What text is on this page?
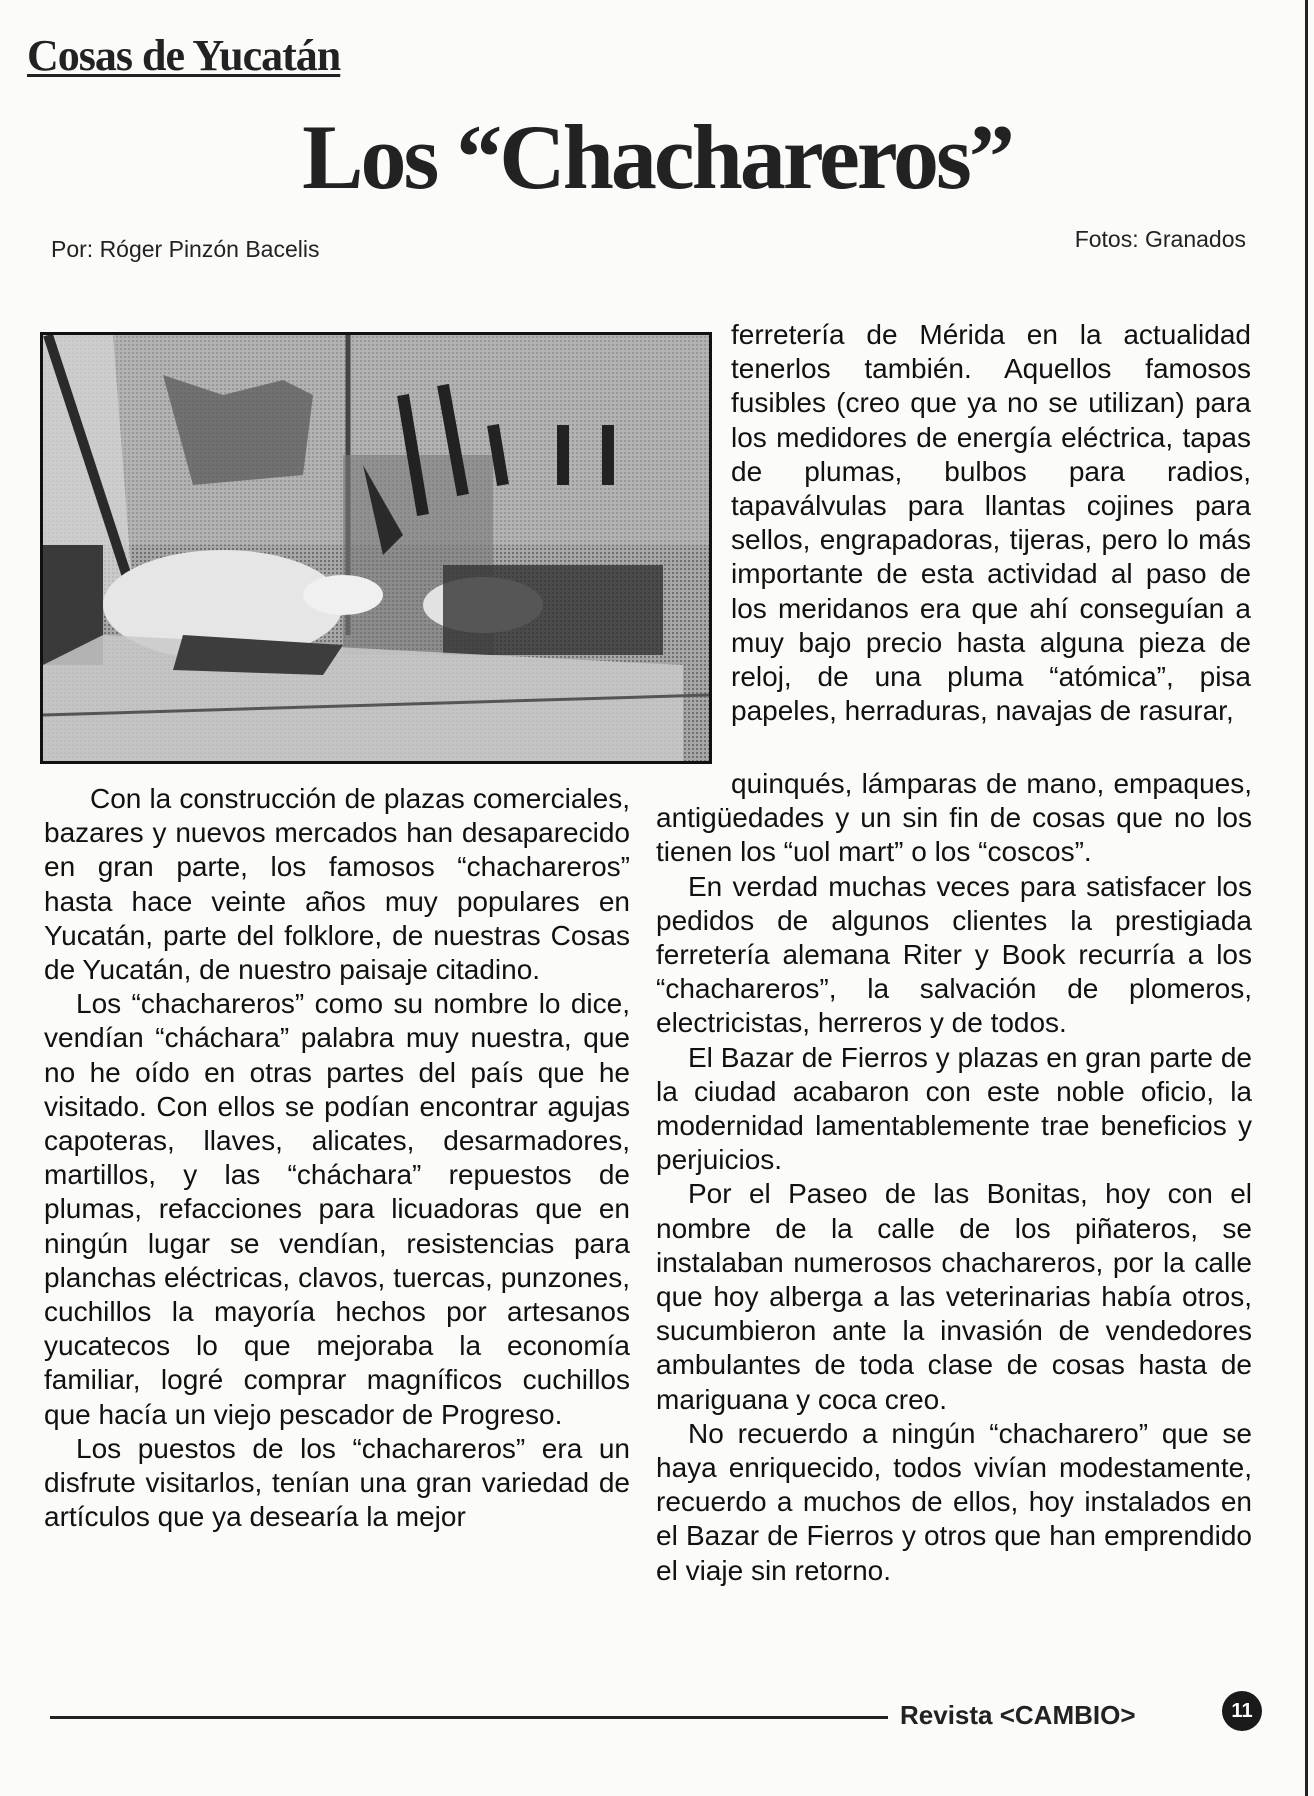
Cosas de Yucatán
Los “Chachareros”
Por: Róger Pinzón Bacelis	Fotos: Granados

Con la construcción de plazas comerciales, bazares y nuevos mercados han desaparecido en gran parte, los famosos “chachareros” hasta hace veinte años muy populares en Yucatán, parte del folklore, de nuestras Cosas de Yucatán, de nuestro paisaje citadino.

Los “chachareros” como su nombre lo dice, vendían “cháchara” palabra muy nuestra, que no he oído en otras partes del país que he visitado. Con ellos se podían encontrar agujas capoteras, llaves, alicates, desarmadores, martillos, y las “cháchara” repuestos de plumas, refacciones para licuadoras que en ningún lugar se vendían, resistencias para planchas eléctricas, clavos, tuercas, punzones, cuchillos la mayoría hechos por artesanos yucatecos lo que mejoraba la economía familiar, logré comprar magníficos cuchillos que hacía un viejo pescador de Progreso.

Los puestos de los “chachareros” era un disfrute visitarlos, tenían una gran variedad de artículos que ya desearía la mejor

ferretería de Mérida en la actualidad tenerlos también. Aquellos famosos fusibles (creo que ya no se utilizan) para los medidores de energía eléctrica, tapas de plumas, bulbos para radios, tapaválvulas para llantas cojines para sellos, engrapadoras, tijeras, pero lo más importante de esta actividad al paso de los meridanos era que ahí conseguían a muy bajo precio hasta alguna pieza de reloj, de una pluma “atómica”, pisa papeles, herraduras, navajas de rasurar,

quinqués, lámparas de mano, empaques, antigüedades y un sin fin de cosas que no los tienen los “uol mart” o los “coscos”.

En verdad muchas veces para satisfacer los pedidos de algunos clientes la prestigiada ferretería alemana Riter y Book recurría a los “chachareros”, la salvación de plomeros, electricistas, herreros y de todos.

El Bazar de Fierros y plazas en gran parte de la ciudad acabaron con este noble oficio, la modernidad lamentablemente trae beneficios y perjuicios.

Por el Paseo de las Bonitas, hoy con el nombre de la calle de los piñateros, se instalaban numerosos chachareros, por la calle que hoy alberga a las veterinarias había otros, sucumbieron ante la invasión de vendedores ambulantes de toda clase de cosas hasta de mariguana y coca creo.

No recuerdo a ningún “chacharero” que se haya enriquecido, todos vivían modestamente, recuerdo a muchos de ellos, hoy instalados en el Bazar de Fierros y otros que han emprendido el viaje sin retorno.

Revista <CAMBIO>	11
